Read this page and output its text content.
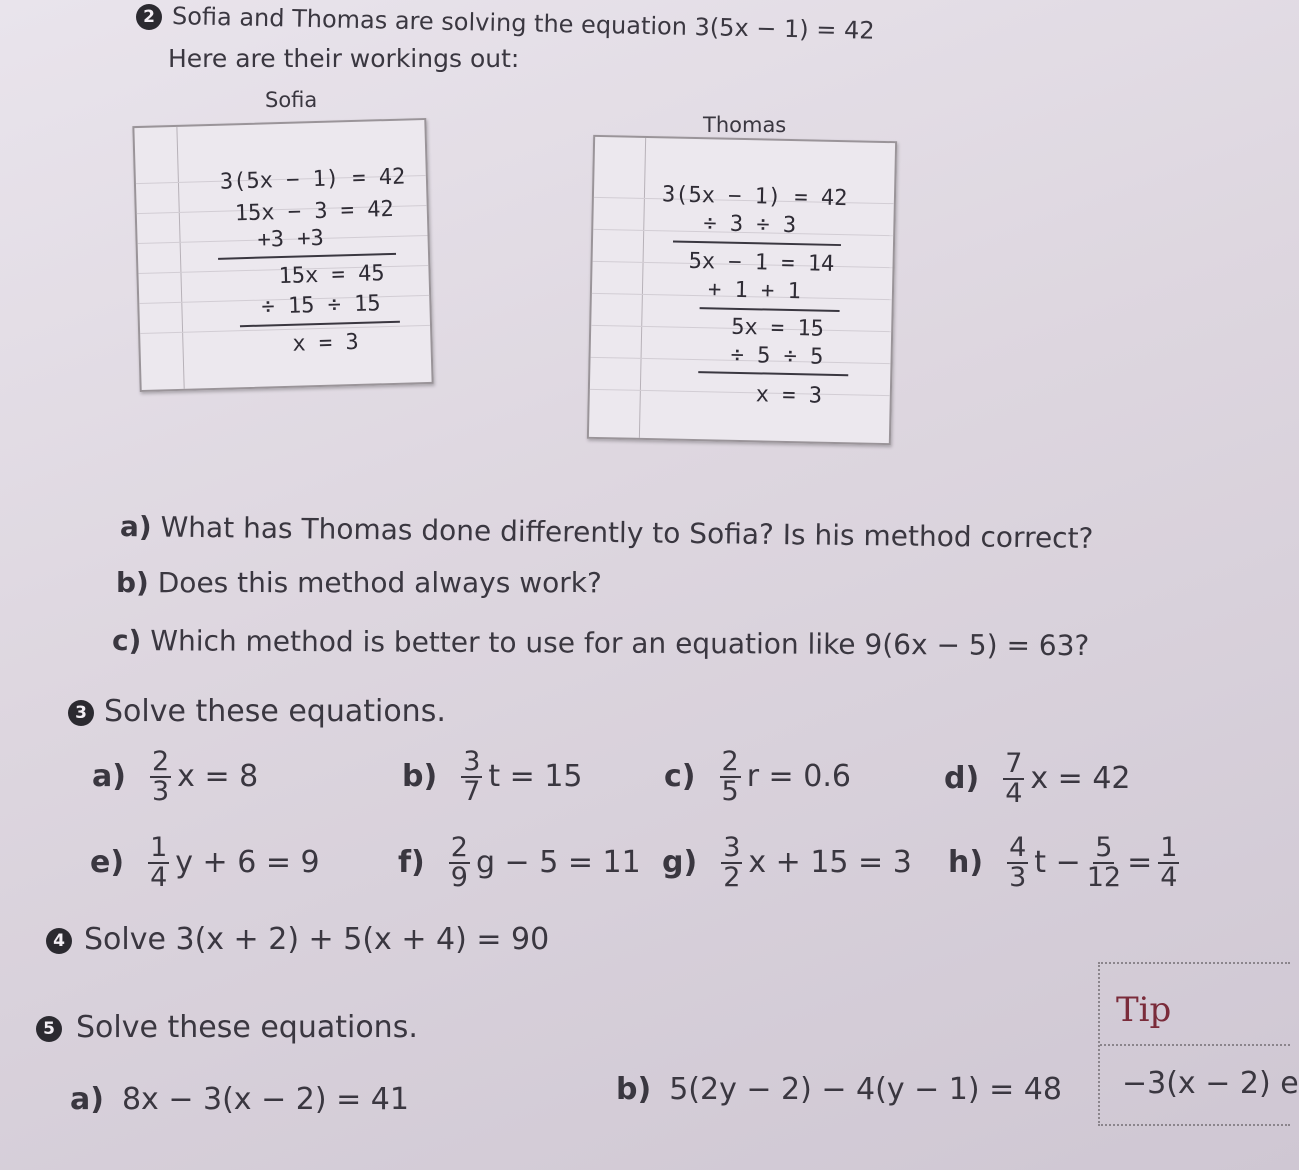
2 Sofia and Thomas are solving the equation 3(5x − 1) = 42
Here are their workings out:
Sofia
3(5x − 1) = 42
15x − 3 = 42
+3 +3
15x = 45
÷ 15 ÷ 15
x = 3
Thomas
3(5x − 1) = 42
÷ 3 ÷ 3
5x − 1 = 14
+ 1 + 1
5x = 15
÷ 5 ÷ 5
x = 3
a) What has Thomas done differently to Sofia? Is his method correct?
b) Does this method always work?
c) Which method is better to use for an equation like 9(6x − 5) = 63?
3 Solve these equations.
$a) \frac{2}{3}$ x = 8	$b) \frac{3}{7}$ t = 15	$c) \frac{2}{5}$ r = 0.6	$d) \frac{7}{4}$ x = 42
$e) \frac{1}{4}$ y + 6 = 9	$f) \frac{2}{9}$ g − 5 = 11 $g) \frac{3}{2}$ x + 15 = 3 $h) \frac{4}{3}$ $t - \frac{5}{12} = \frac{1}{4}$
4 Solve 3(x + 2) + 5(x + 4) = 90
5 Solve these equations.
a) 8x − 3(x − 2) = 41	b) 5(2y − 2) − 4(y − 1) = 48
Tip
−3(x − 2) e
